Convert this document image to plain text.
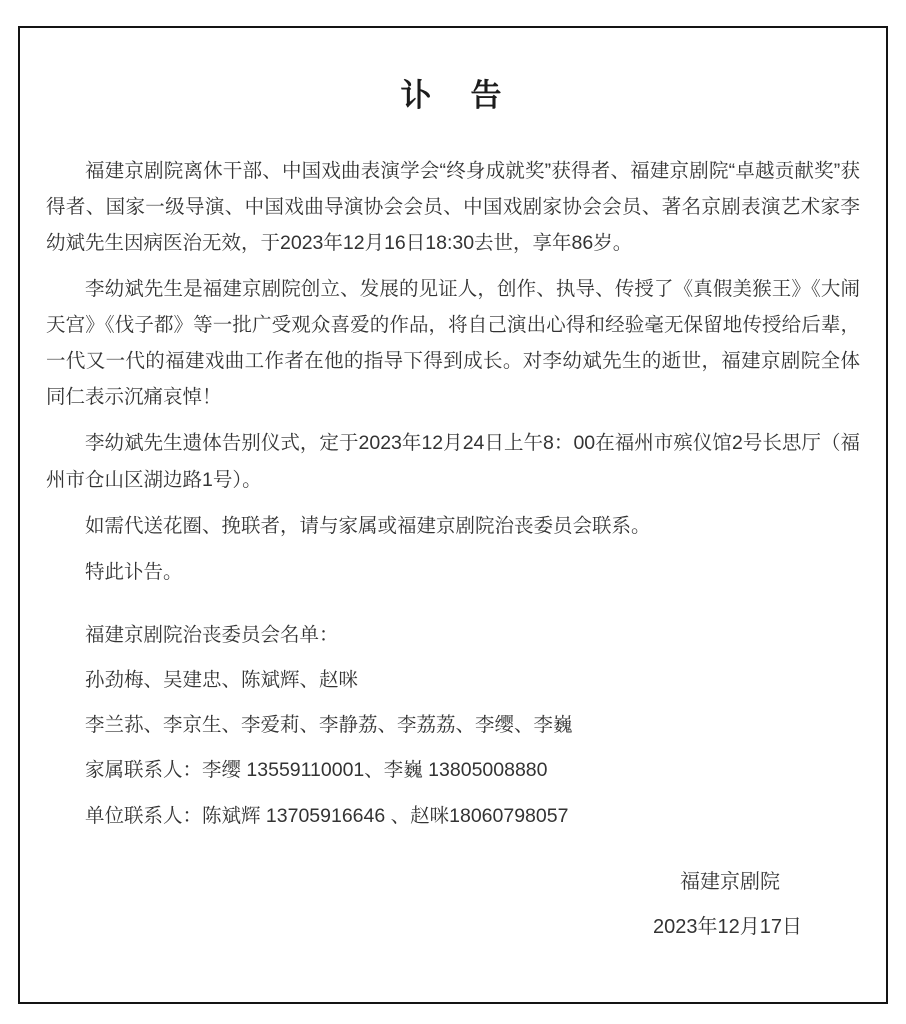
讣　告

福建京剧院离休干部、中国戏曲表演学会“终身成就奖”获得者、福建京剧院“卓越贡献奖”获得者、国家一级导演、中国戏曲导演协会会员、中国戏剧家协会会员、著名京剧表演艺术家李幼斌先生因病医治无效，于2023年12月16日18:30去世，享年86岁。

李幼斌先生是福建京剧院创立、发展的见证人，创作、执导、传授了《真假美猴王》《大闹天宫》《伐子都》等一批广受观众喜爱的作品，将自己演出心得和经验毫无保留地传授给后辈，一代又一代的福建戏曲工作者在他的指导下得到成长。对李幼斌先生的逝世，福建京剧院全体同仁表示沉痛哀悼！

李幼斌先生遗体告别仪式，定于2023年12月24日上午8：00在福州市殡仪馆2号长思厅（福州市仓山区湖边路1号）。

如需代送花圈、挽联者，请与家属或福建京剧院治丧委员会联系。

特此讣告。

福建京剧院治丧委员会名单：

孙劲梅、吴建忠、陈斌辉、赵咪

李兰荪、李京生、李爱莉、李静荔、李荔荔、李缨、李巍

家属联系人：李缨 13559110001、李巍 13805008880

单位联系人：陈斌辉 13705916646 、赵咪18060798057

福建京剧院

2023年12月17日
